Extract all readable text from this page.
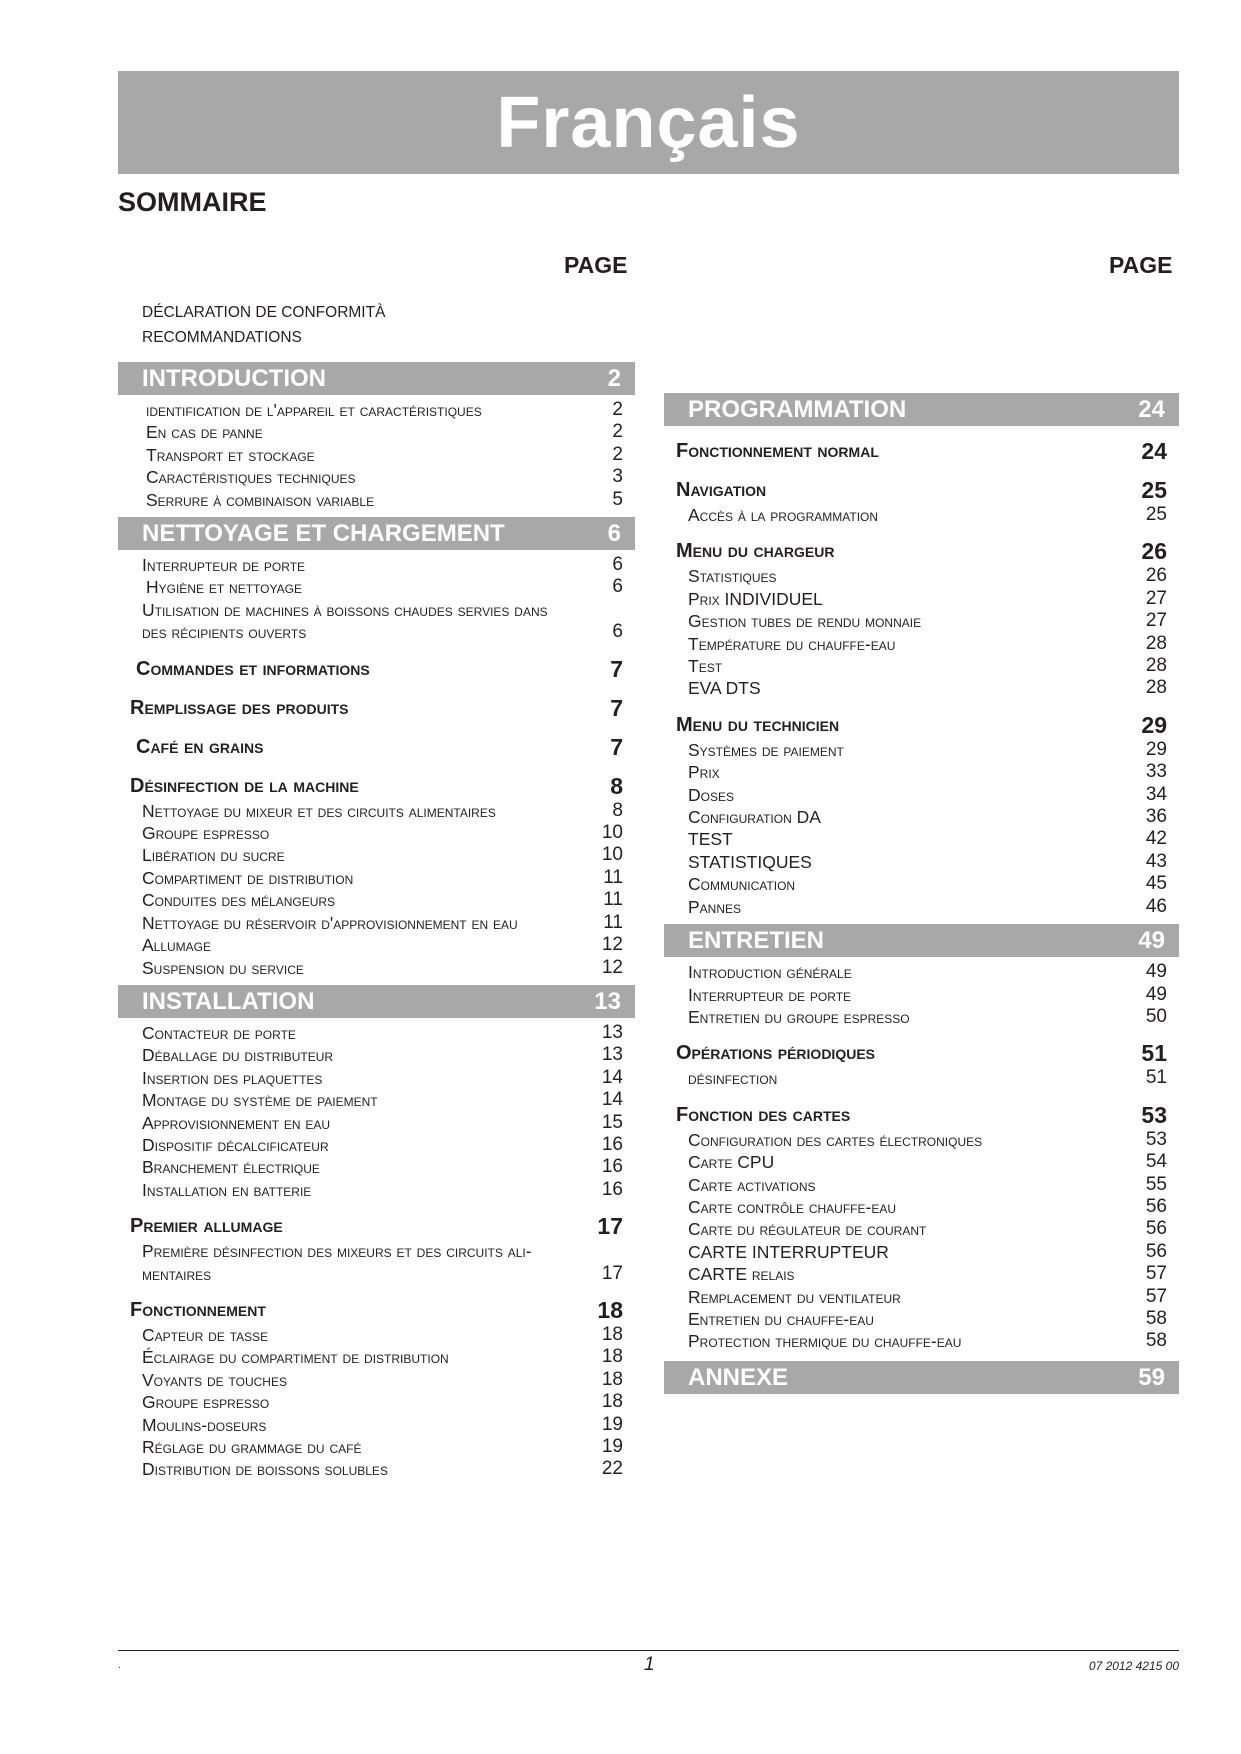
Français
SOMMAIRE
PAGE	PAGE
DÉCLARATION DE CONFORMITÀ
RECOMMANDATIONS
INTRODUCTION	2
identification de l'appareil et caractéristiques	2
En cas de panne	2
Transport et stockage	2
Caractéristiques techniques	3
Serrure à combinaison variable	5
NETTOYAGE ET CHARGEMENT	6
Interrupteur de porte	6
Hygiène et nettoyage	6
Utilisation de machines à boissons chaudes servies dans
des récipients ouverts	6
Commandes et informations	7
Remplissage des produits	7
Café en grains	7
Désinfection de la machine	8
Nettoyage du mixeur et des circuits alimentaires	8
Groupe espresso	10
Libération du sucre	10
Compartiment de distribution	11
Conduites des mélangeurs	11
Nettoyage du réservoir d'approvisionnement en eau	11
Allumage	12
Suspension du service	12
INSTALLATION	13
Contacteur de porte	13
Déballage du distributeur	13
Insertion des plaquettes	14
Montage du système de paiement	14
Approvisionnement en eau	15
Dispositif décalcificateur	16
Branchement électrique	16
Installation en batterie	16
Premier allumage	17
Première désinfection des mixeurs et des circuits ali-
mentaires	17
Fonctionnement	18
Capteur de tasse	18
Éclairage du compartiment de distribution	18
Voyants de touches	18
Groupe espresso	18
Moulins-doseurs	19
Réglage du grammage du café	19
Distribution de boissons solubles	22
PROGRAMMATION	24
Fonctionnement normal	24
Navigation	25
Accès à la programmation	25
Menu du chargeur	26
Statistiques	26
Prix INDIVIDUEL	27
Gestion tubes de rendu monnaie	27
Température du chauffe-eau	28
Test	28
EVA DTS	28
Menu du technicien	29
Systèmes de paiement	29
Prix	33
Doses	34
Configuration DA	36
TEST	42
STATISTIQUES	43
Communication	45
Pannes	46
ENTRETIEN	49
Introduction générale	49
Interrupteur de porte	49
Entretien du groupe espresso	50
Opérations périodiques	51
désinfection	51
Fonction des cartes	53
Configuration des cartes électroniques	53
Carte CPU	54
Carte activations	55
Carte contrôle chauffe-eau	56
Carte du régulateur de courant	56
CARTE INTERRUPTEUR	56
CARTE relais	57
Remplacement du ventilateur	57
Entretien du chauffe-eau	58
Protection thermique du chauffe-eau	58
ANNEXE	59
.	1	07 2012 4215 00
